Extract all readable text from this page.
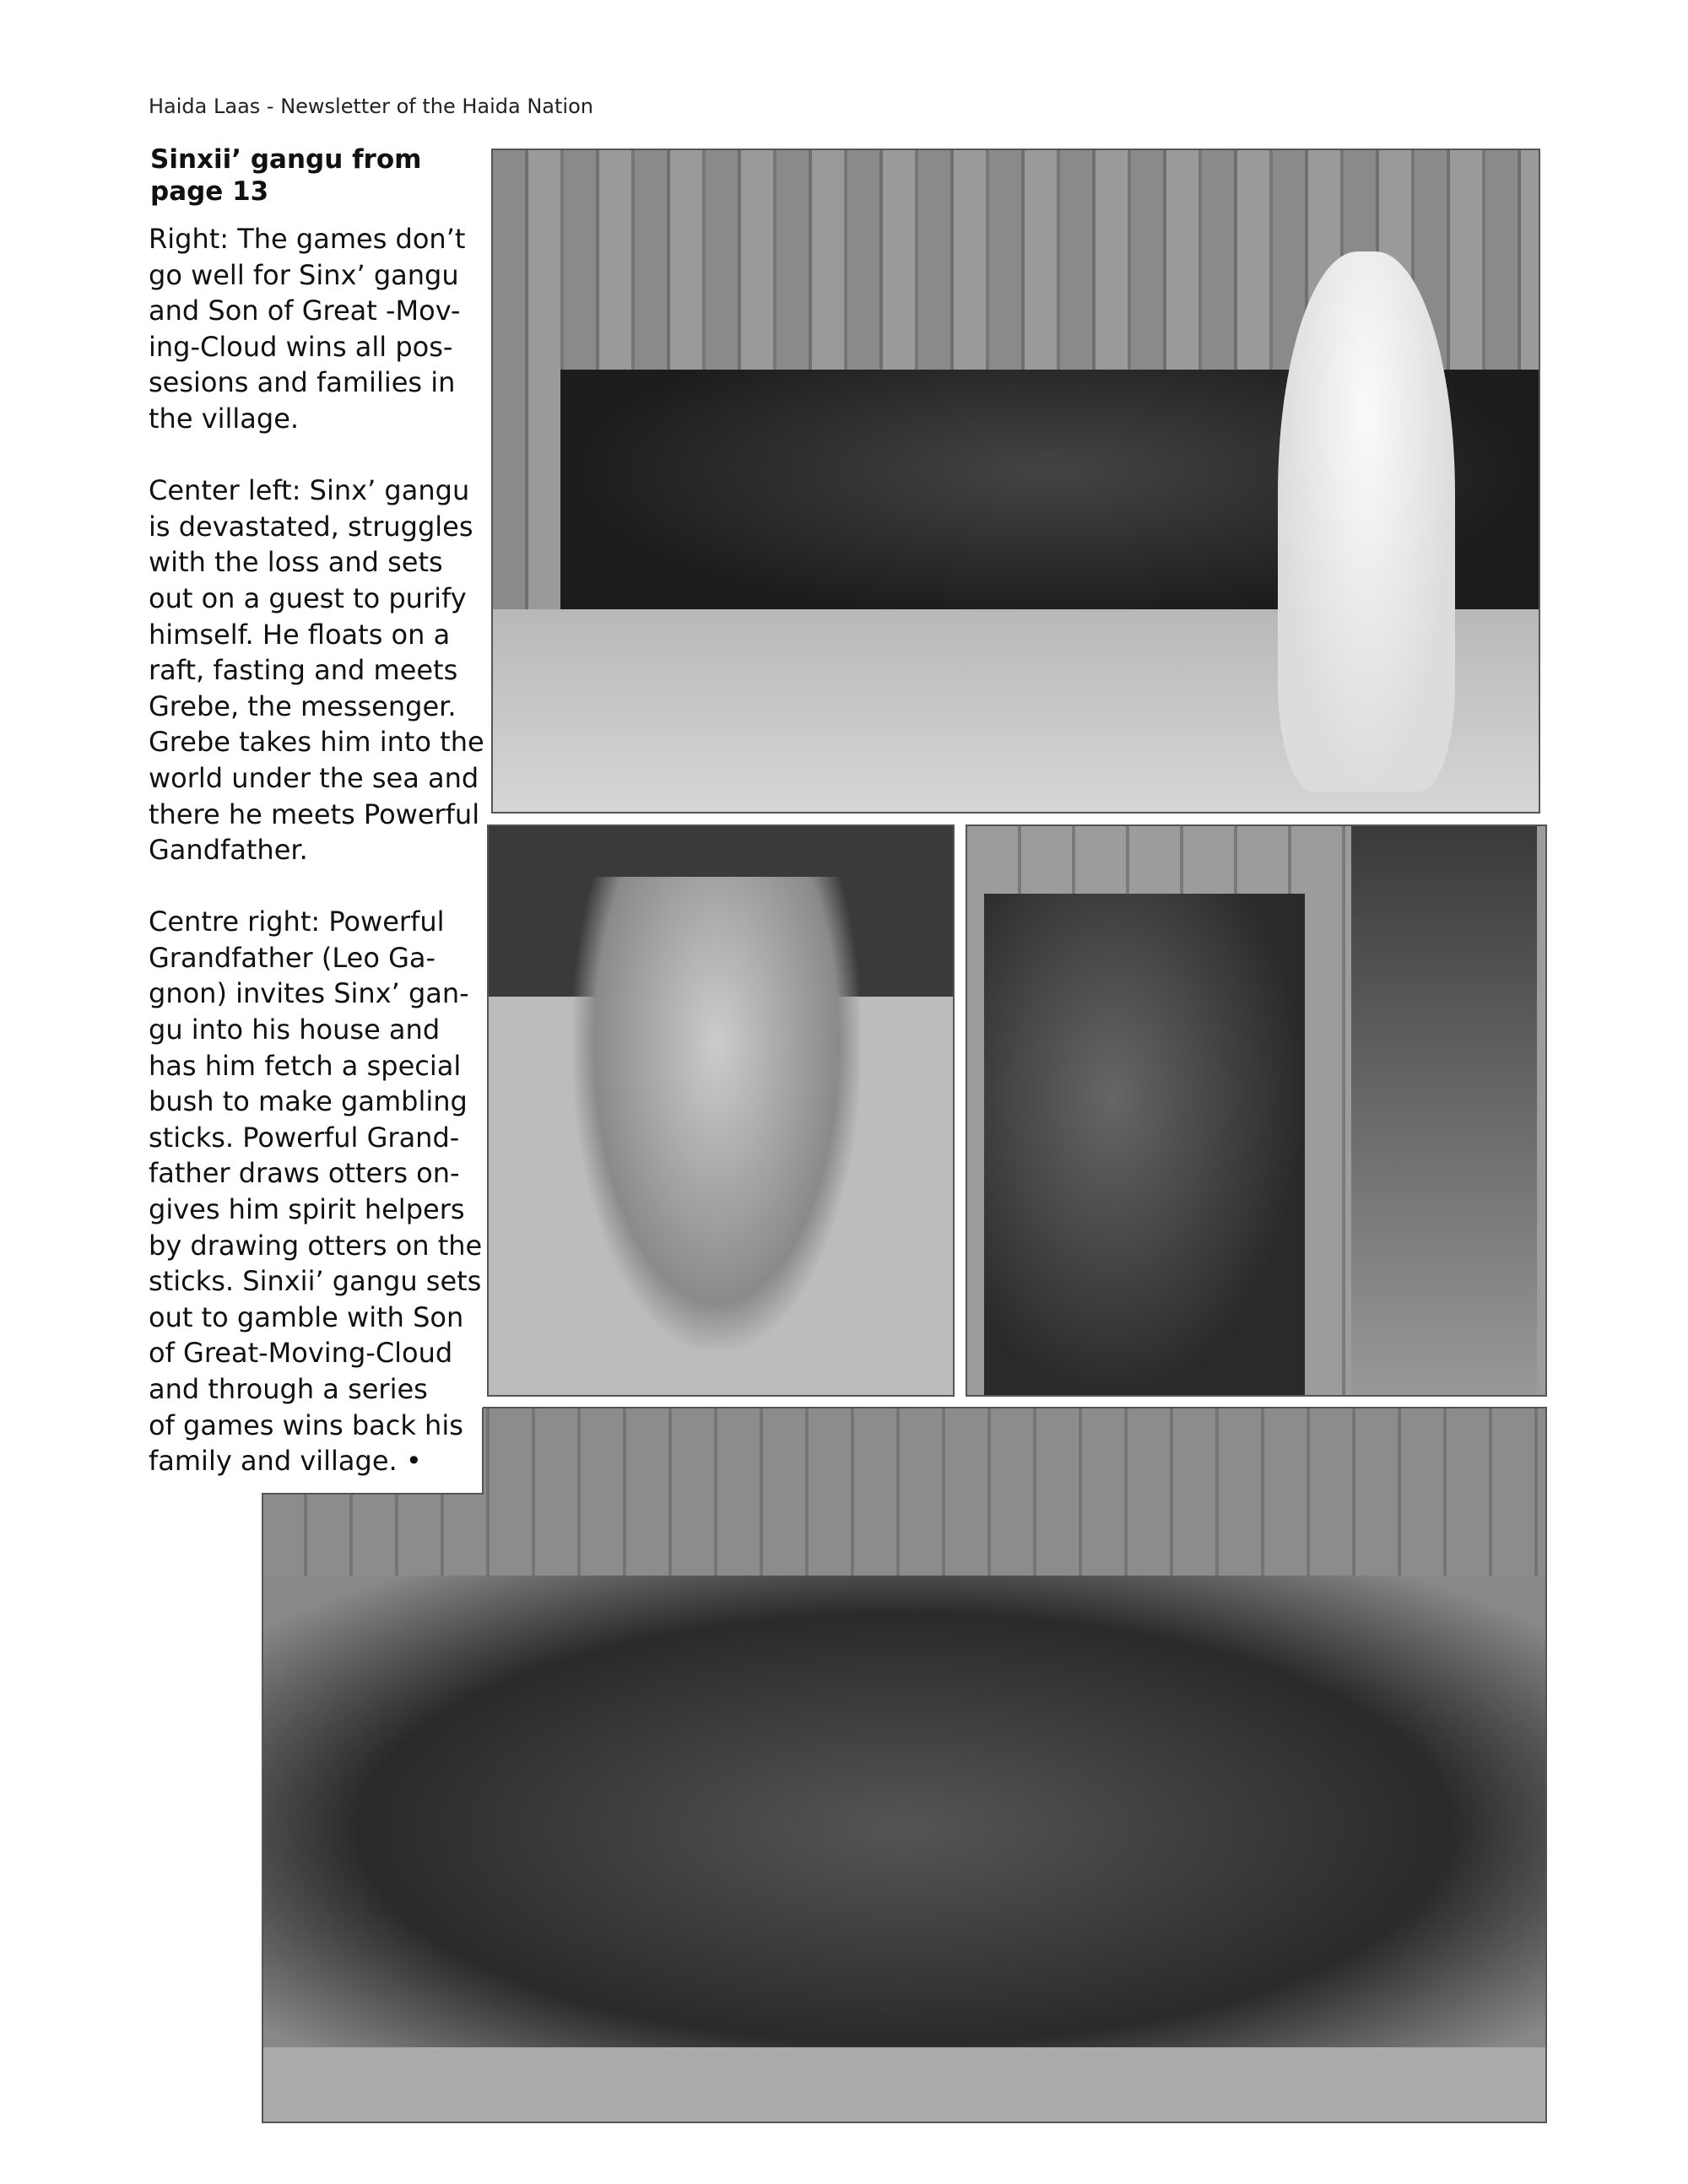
Haida Laas - Newsletter of the Haida Nation
Sinxii’ gangu from page 13

Right: The games don’t
go well for Sinx’ gangu
and Son of Great -Mov-
ing-Cloud wins all pos-
sesions and families in
the village.

Center left: Sinx’ gangu
is devastated, struggles
with the loss and sets
out on a guest to purify
himself. He floats on a
raft, fasting and meets
Grebe, the messenger.
Grebe takes him into the
world under the sea and
there he meets Powerful
Gandfather.

Centre right: Powerful
Grandfather (Leo Ga-
gnon) invites Sinx’ gan-
gu into his house and
has him fetch a special
bush to make gambling
sticks. Powerful Grand-
father draws otters on-
gives him spirit helpers
by drawing otters on the
sticks. Sinxii’ gangu sets
out to gamble with Son
of Great-Moving-Cloud
and through a series
of games wins back his
family and village. •
